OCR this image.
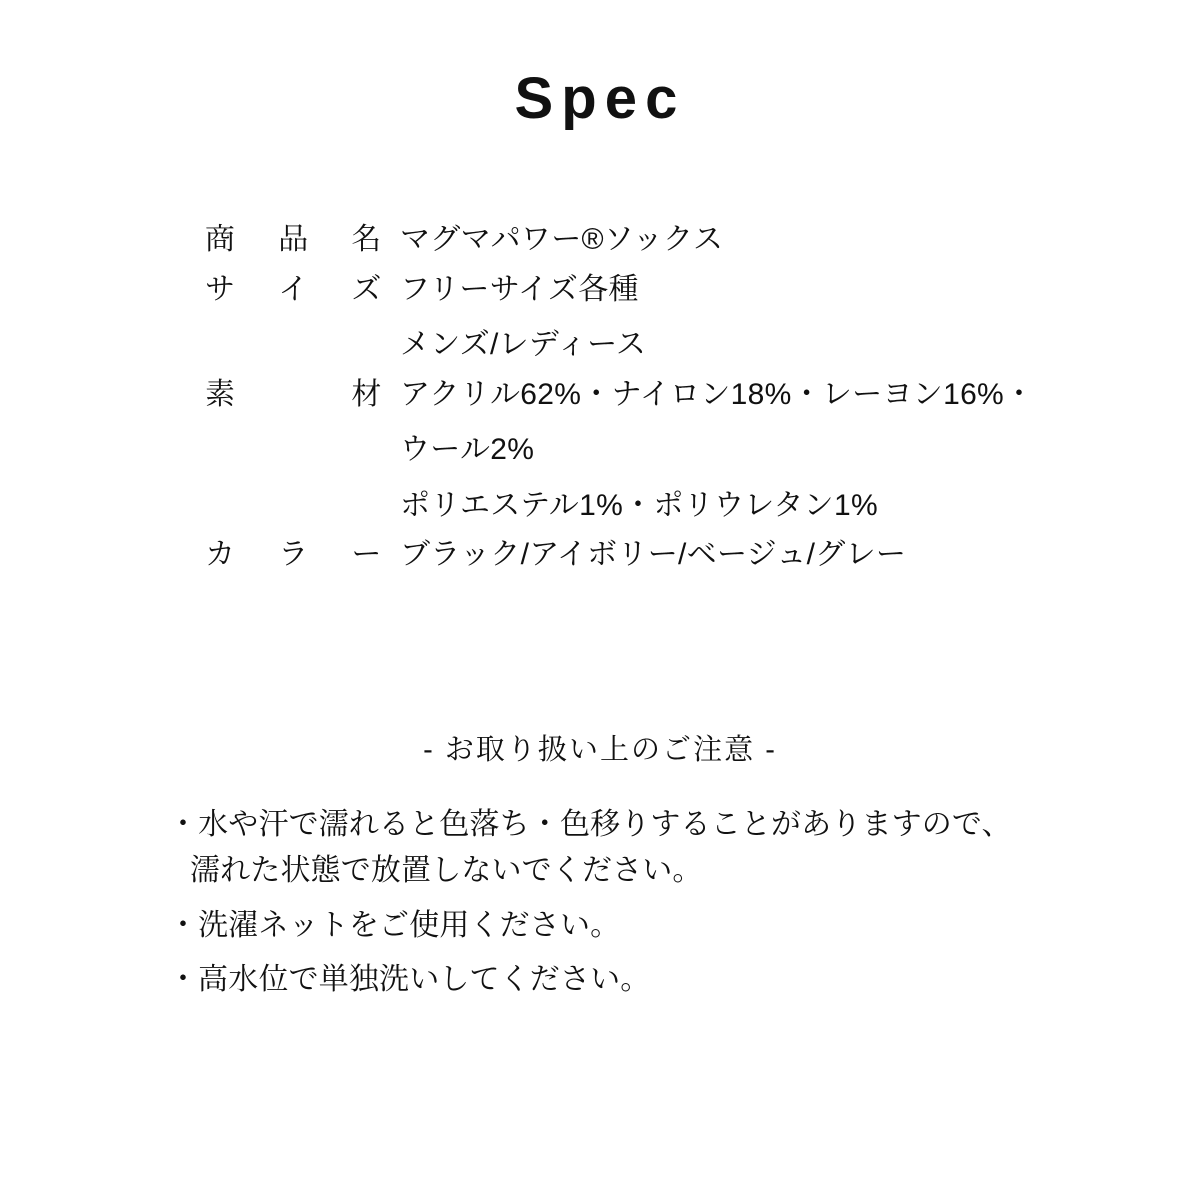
Spec
商 品 名 マグマパワー®ソックス
サ イ ズ フリーサイズ各種
メンズ/レディース
素	材 アクリル62%・ナイロン18%・レーヨン16%・
ウール2%
ポリエステル1%・ポリウレタン1%
カ ラ ー ブラック/アイボリー/ベージュ/グレー
- お取り扱い上のご注意 -
・水や汗で濡れると色落ち・色移りすることがありますので、
濡れた状態で放置しないでください。
・洗濯ネットをご使用ください。
・高水位で単独洗いしてください。
